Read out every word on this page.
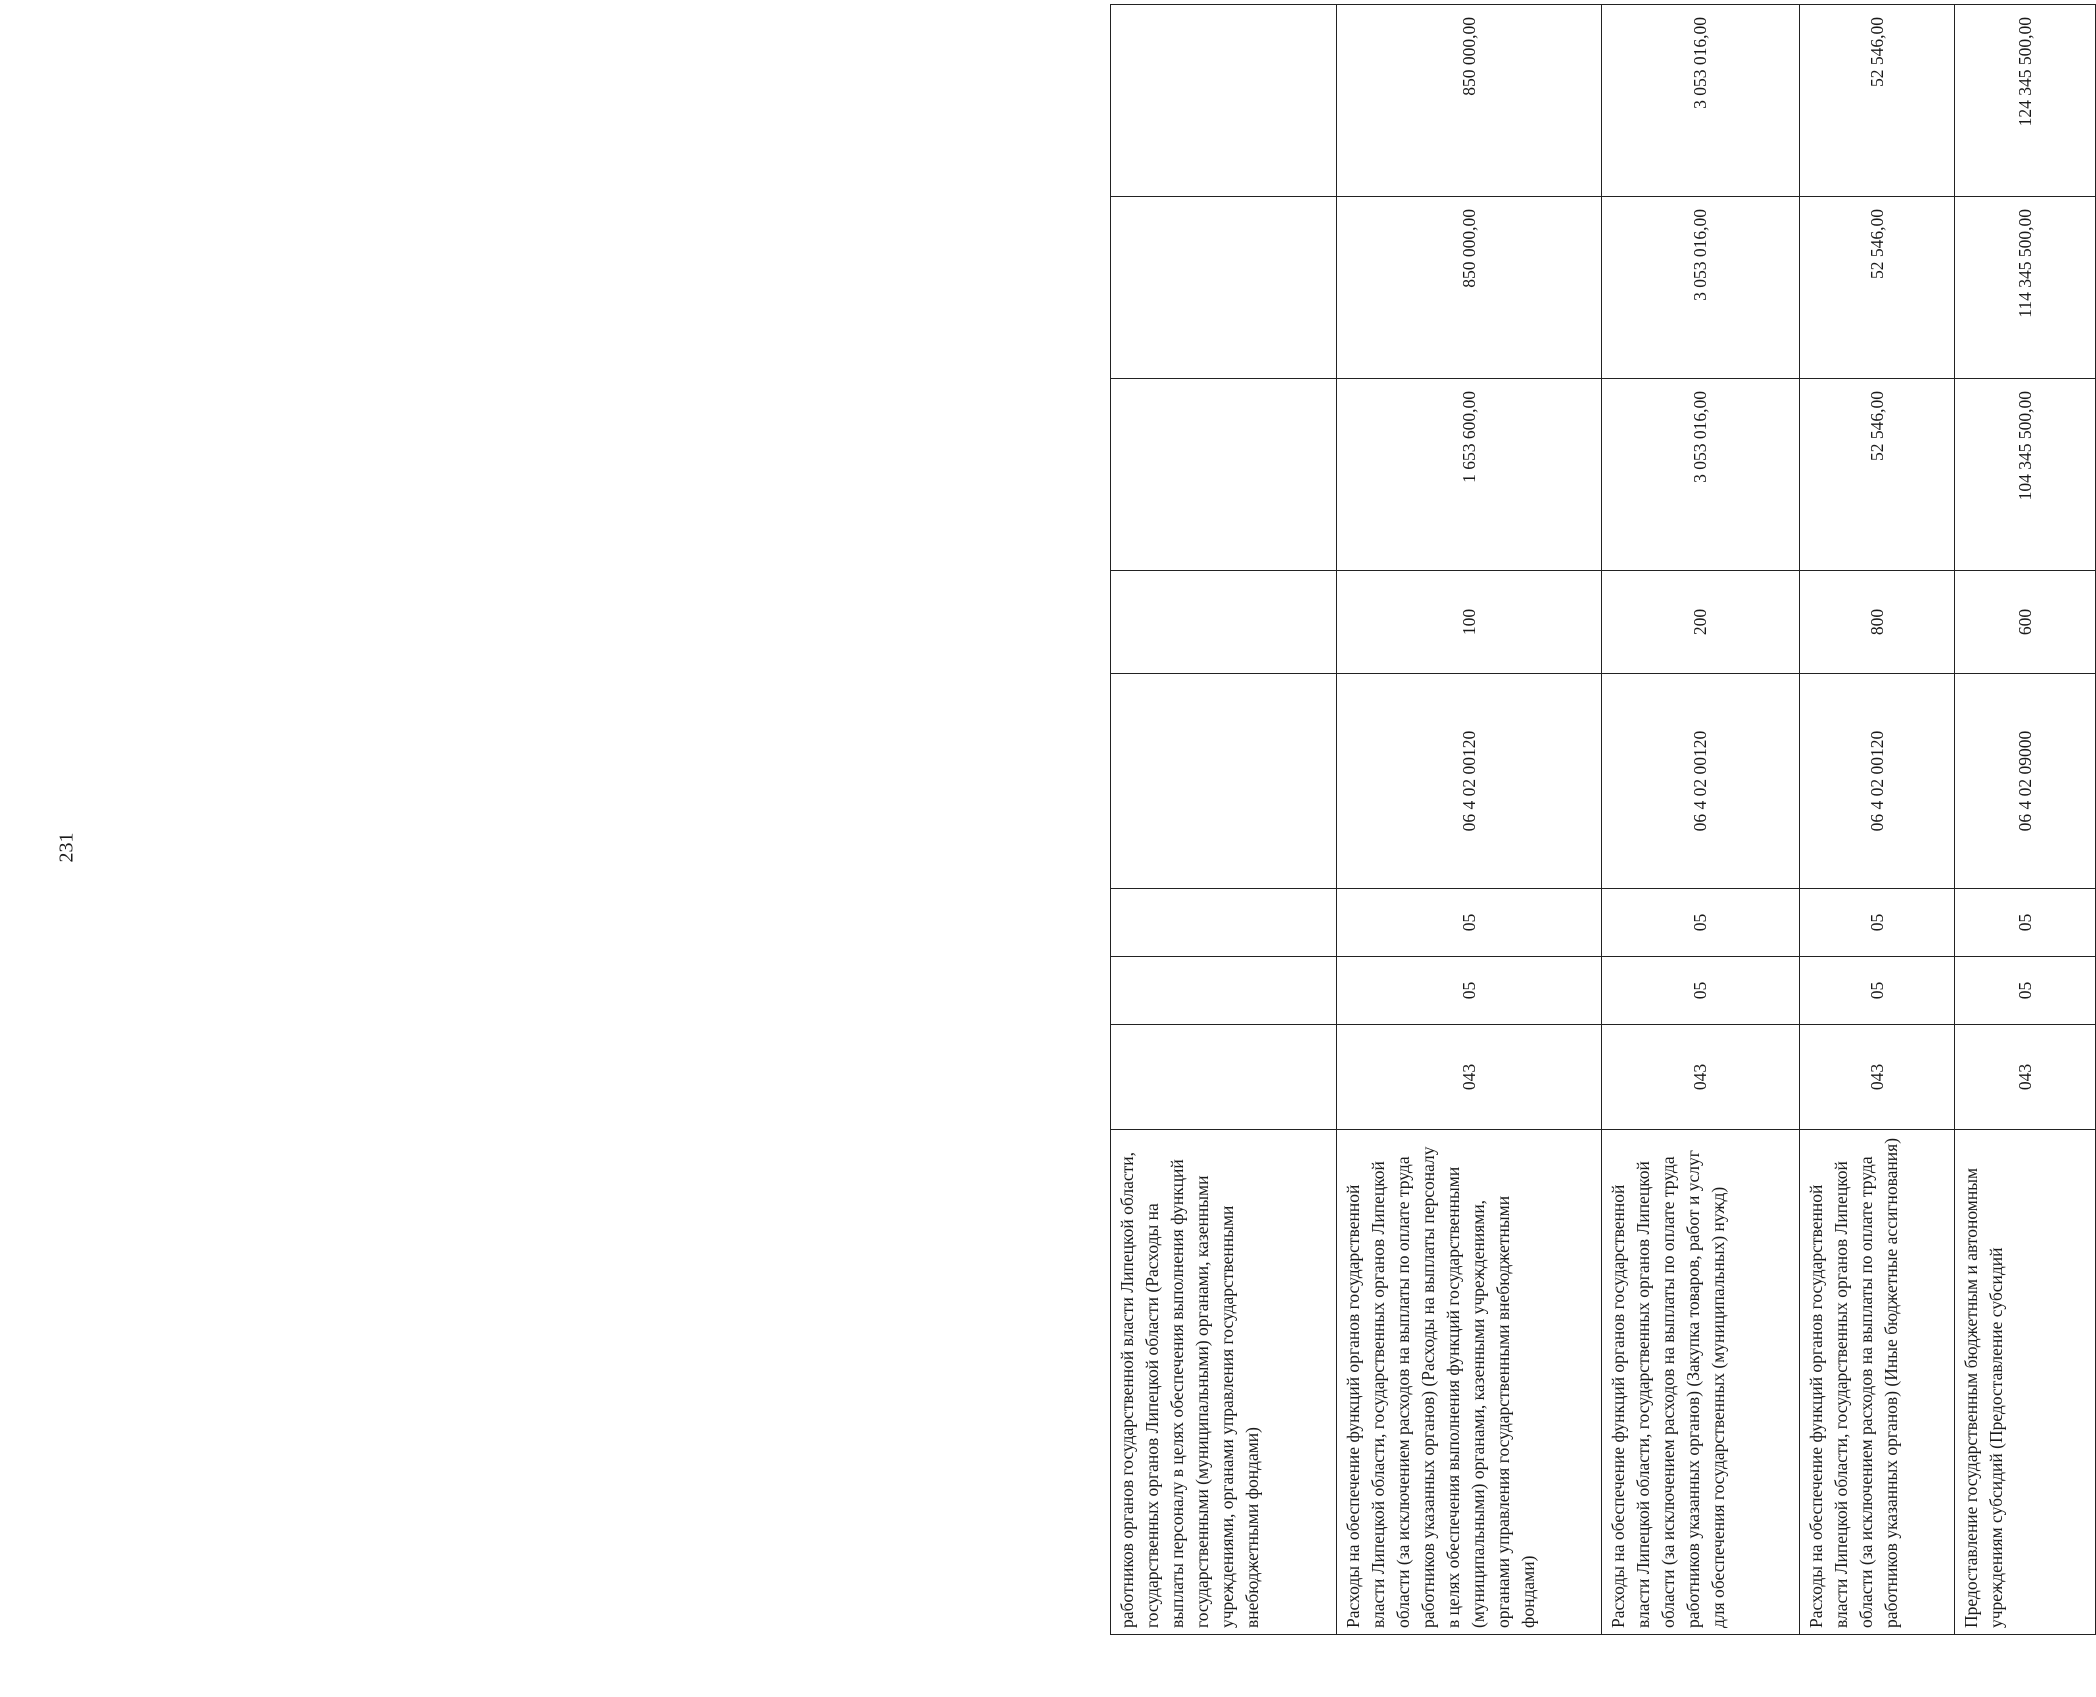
231
работников органов государственной власти Липецкой области, государственных органов Липецкой области (Расходы на выплаты персоналу в целях обеспечения выполнения функций государственными (муниципальными) органами, казенными учреждениями, органами управления государственными внебюджетными фондами)								
Расходы на обеспечение функций органов государственной власти Липецкой области, государственных органов Липецкой области (за исключением расходов на выплаты по оплате труда работников указанных органов) (Расходы на выплаты персоналу в целях обеспечения выполнения функций государственными (муниципальными) органами, казенными учреждениями, органами управления государственными внебюджетными фондами)	043	05	05	06 4 02 00120	100	1 653 600,00	850 000,00	850 000,00
Расходы на обеспечение функций органов государственной власти Липецкой области, государственных органов Липецкой области (за исключением расходов на выплаты по оплате труда работников указанных органов) (Закупка товаров, работ и услуг для обеспечения государственных (муниципальных) нужд)	043	05	05	06 4 02 00120	200	3 053 016,00	3 053 016,00	3 053 016,00
Расходы на обеспечение функций органов государственной власти Липецкой области, государственных органов Липецкой области (за исключением расходов на выплаты по оплате труда работников указанных органов) (Иные бюджетные ассигнования)	043	05	05	06 4 02 00120	800	52 546,00	52 546,00	52 546,00
Предоставление государственным бюджетным и автономным учреждениям субсидий (Предоставление субсидий	043	05	05	06 4 02 09000	600	104 345 500,00	114 345 500,00	124 345 500,00
